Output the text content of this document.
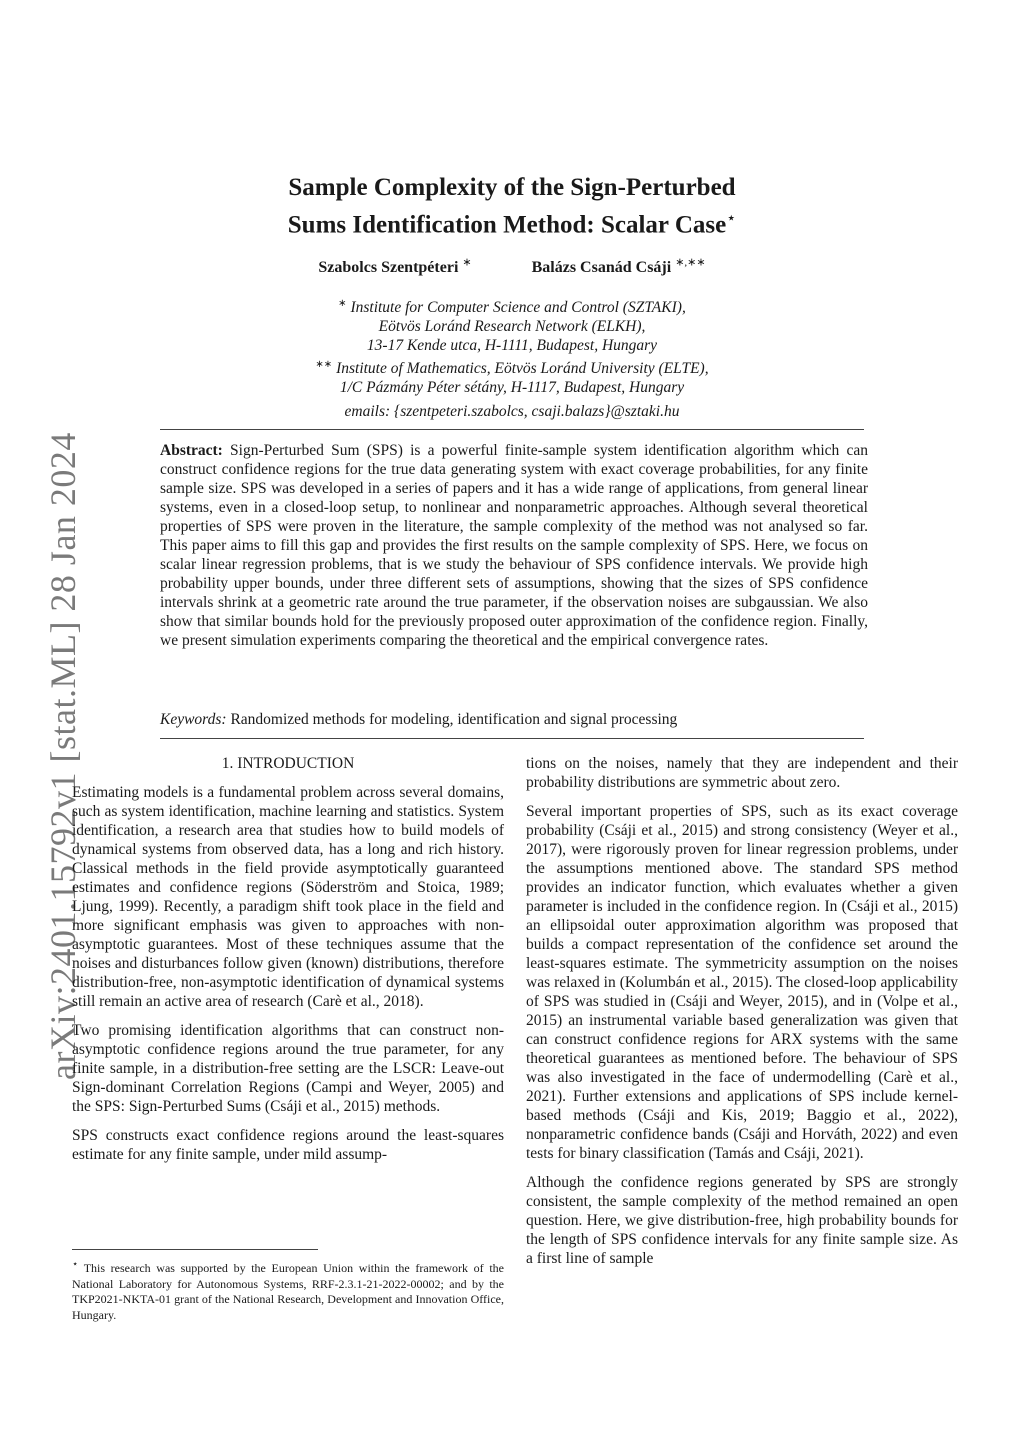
arXiv:2401.15792v1 [stat.ML] 28 Jan 2024
Sample Complexity of the Sign-Perturbed
Sums Identification Method: Scalar Case⋆
Szabolcs Szentpéteri ∗	Balázs Csanád Csáji ∗,∗∗
∗ Institute for Computer Science and Control (SZTAKI),
Eötvös Loránd Research Network (ELKH),
13-17 Kende utca, H-1111, Budapest, Hungary
∗∗ Institute of Mathematics, Eötvös Loránd University (ELTE),
1/C Pázmány Péter sétány, H-1117, Budapest, Hungary
emails: {szentpeteri.szabolcs, csaji.balazs}@sztaki.hu
Abstract: Sign-Perturbed Sum (SPS) is a powerful finite-sample system identification algorithm which can construct confidence regions for the true data generating system with exact coverage probabilities, for any finite sample size. SPS was developed in a series of papers and it has a wide range of applications, from general linear systems, even in a closed-loop setup, to nonlinear and nonparametric approaches. Although several theoretical properties of SPS were proven in the literature, the sample complexity of the method was not analysed so far. This paper aims to fill this gap and provides the first results on the sample complexity of SPS. Here, we focus on scalar linear regression problems, that is we study the behaviour of SPS confidence intervals. We provide high probability upper bounds, under three different sets of assumptions, showing that the sizes of SPS confidence intervals shrink at a geometric rate around the true parameter, if the observation noises are subgaussian. We also show that similar bounds hold for the previously proposed outer approximation of the confidence region. Finally, we present simulation experiments comparing the theoretical and the empirical convergence rates.
Keywords: Randomized methods for modeling, identification and signal processing
1. INTRODUCTION

Estimating models is a fundamental problem across several domains, such as system identification, machine learning and statistics. System identification, a research area that studies how to build models of dynamical systems from observed data, has a long and rich history. Classical methods in the field provide asymptotically guaranteed estimates and confidence regions (Söderström and Stoica, 1989; Ljung, 1999). Recently, a paradigm shift took place in the field and more significant emphasis was given to approaches with non-asymptotic guarantees. Most of these techniques assume that the noises and disturbances follow given (known) distributions, therefore distribution-free, non-asymptotic identification of dynamical systems still remain an active area of research (Carè et al., 2018).

Two promising identification algorithms that can construct non-asymptotic confidence regions around the true parameter, for any finite sample, in a distribution-free setting are the LSCR: Leave-out Sign-dominant Correlation Regions (Campi and Weyer, 2005) and the SPS: Sign-Perturbed Sums (Csáji et al., 2015) methods.

SPS constructs exact confidence regions around the least-squares estimate for any finite sample, under mild assump-

⋆ This research was supported by the European Union within the framework of the National Laboratory for Autonomous Systems, RRF-2.3.1-21-2022-00002; and by the TKP2021-NKTA-01 grant of the National Research, Development and Innovation Office, Hungary.

tions on the noises, namely that they are independent and their probability distributions are symmetric about zero.

Several important properties of SPS, such as its exact coverage probability (Csáji et al., 2015) and strong consistency (Weyer et al., 2017), were rigorously proven for linear regression problems, under the assumptions mentioned above. The standard SPS method provides an indicator function, which evaluates whether a given parameter is included in the confidence region. In (Csáji et al., 2015) an ellipsoidal outer approximation algorithm was proposed that builds a compact representation of the confidence set around the least-squares estimate. The symmetricity assumption on the noises was relaxed in (Kolumbán et al., 2015). The closed-loop applicability of SPS was studied in (Csáji and Weyer, 2015), and in (Volpe et al., 2015) an instrumental variable based generalization was given that can construct confidence regions for ARX systems with the same theoretical guarantees as mentioned before. The behaviour of SPS was also investigated in the face of undermodelling (Carè et al., 2021). Further extensions and applications of SPS include kernel-based methods (Csáji and Kis, 2019; Baggio et al., 2022), nonparametric confidence bands (Csáji and Horváth, 2022) and even tests for binary classification (Tamás and Csáji, 2021).

Although the confidence regions generated by SPS are strongly consistent, the sample complexity of the method remained an open question. Here, we give distribution-free, high probability bounds for the length of SPS confidence intervals for any finite sample size. As a first line of sample
